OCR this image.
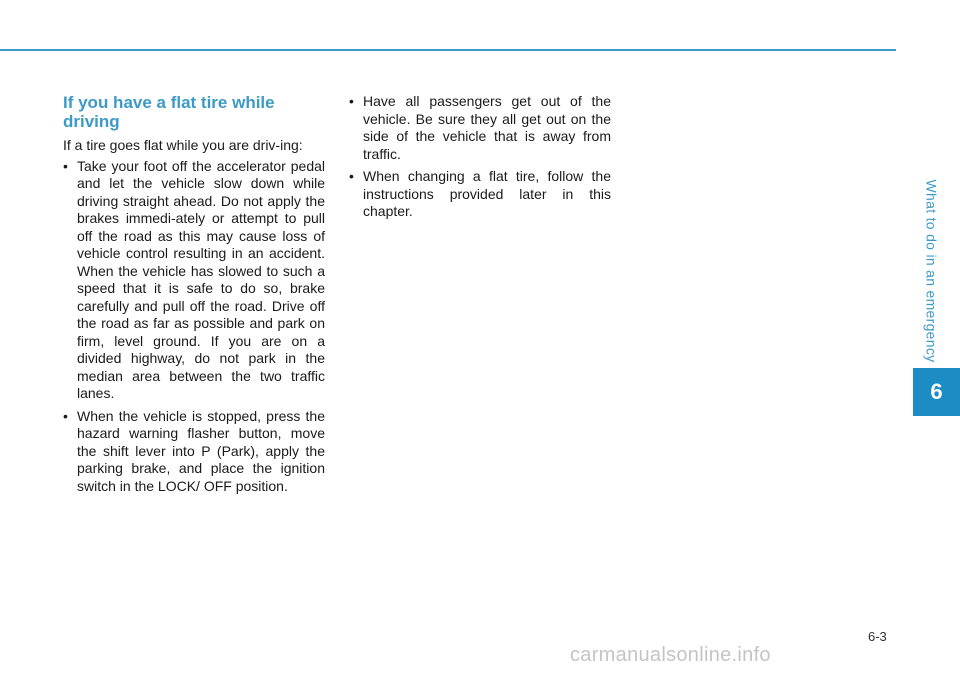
What to do in an emergency
6
If you have a flat tire while driving

If a tire goes flat while you are driv-ing:

• Take your foot off the accelerator pedal and let the vehicle slow down while driving straight ahead. Do not apply the brakes immedi-ately or attempt to pull off the road as this may cause loss of vehicle control resulting in an accident. When the vehicle has slowed to such a speed that it is safe to do so, brake carefully and pull off the road. Drive off the road as far as possible and park on firm, level ground. If you are on a divided highway, do not park in the median area between the two traffic lanes.
• When the vehicle is stopped, press the hazard warning flasher button, move the shift lever into P (Park), apply the parking brake, and place the ignition switch in the LOCK/ OFF position.
• Have all passengers get out of the vehicle. Be sure they all get out on the side of the vehicle that is away from traffic.
• When changing a flat tire, follow the instructions provided later in this chapter.
6-3
carmanualsonline.info
